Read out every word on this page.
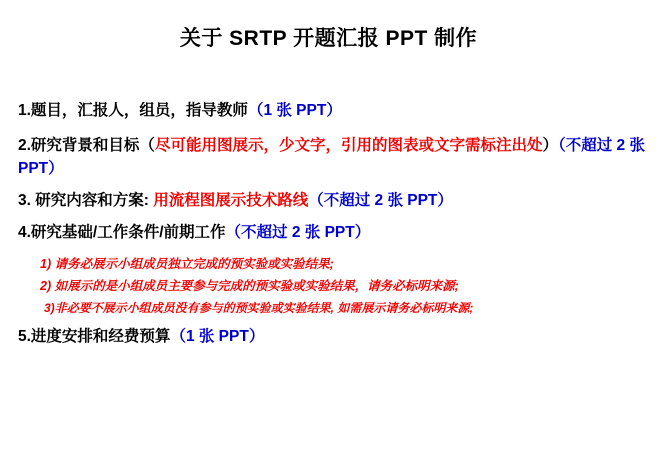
关于 SRTP 开题汇报 PPT 制作
1.题目，汇报人，组员，指导教师（1 张 PPT）
2.研究背景和目标（尽可能用图展示，少文字，引用的图表或文字需标注出处）（不超过 2 张 PPT）
3. 研究内容和方案: 用流程图展示技术路线（不超过 2 张 PPT）
4.研究基础/工作条件/前期工作（不超过 2 张 PPT）
1) 请务必展示小组成员独立完成的预实验或实验结果;
2) 如展示的是小组成员主要参与完成的预实验或实验结果，请务必标明来源;
3)非必要不展示小组成员没有参与的预实验或实验结果, 如需展示请务必标明来源;
5.进度安排和经费预算（1 张 PPT）
